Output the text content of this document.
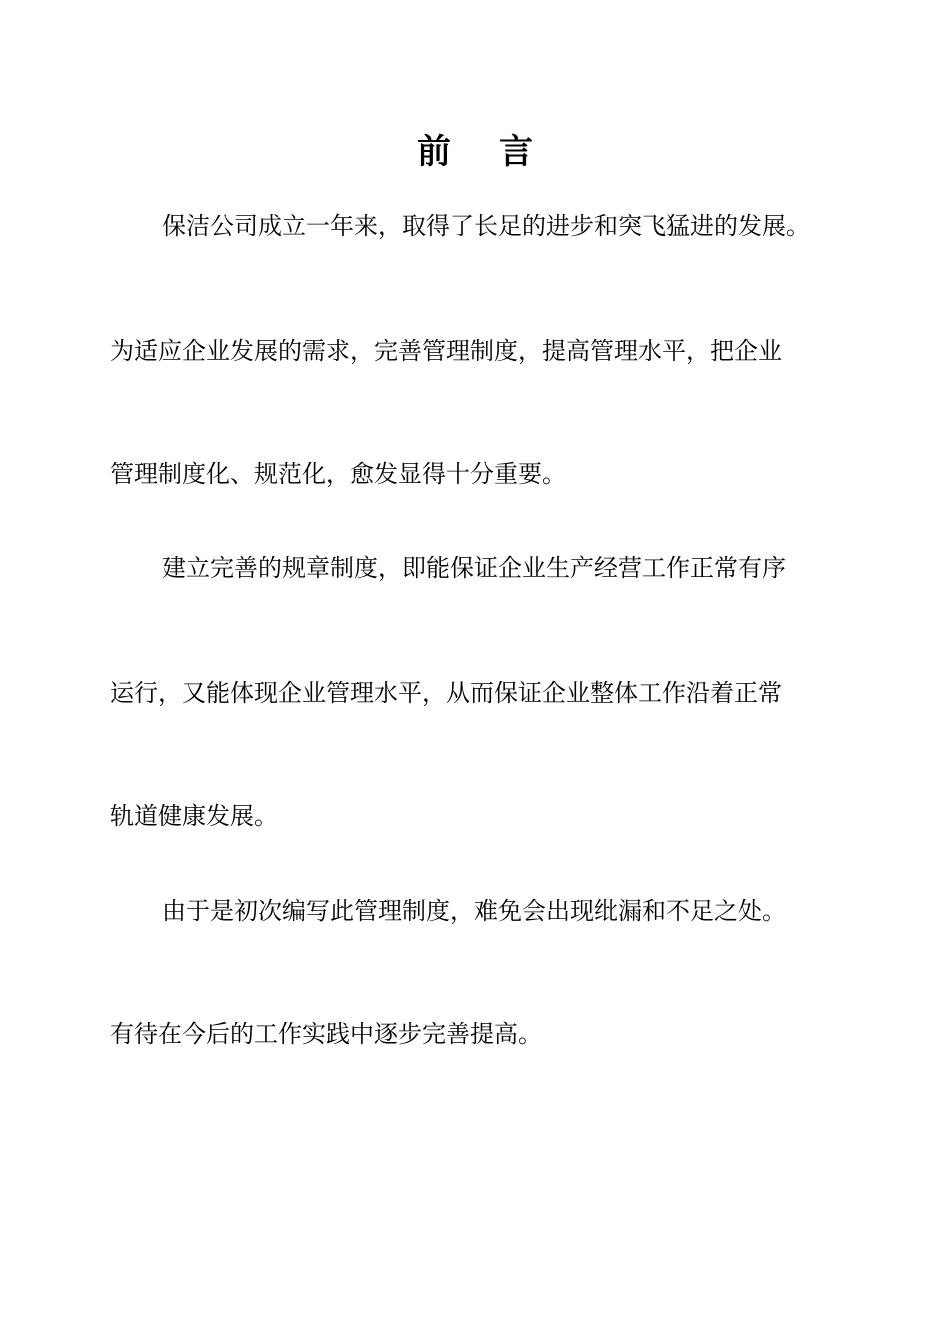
前言
保洁公司成立一年来，取得了长足的进步和突飞猛进的发展。
为适应企业发展的需求，完善管理制度，提高管理水平，把企业
管理制度化、规范化，愈发显得十分重要。
建立完善的规章制度，即能保证企业生产经营工作正常有序
运行，又能体现企业管理水平，从而保证企业整体工作沿着正常
轨道健康发展。
由于是初次编写此管理制度，难免会出现纰漏和不足之处。
有待在今后的工作实践中逐步完善提高。
